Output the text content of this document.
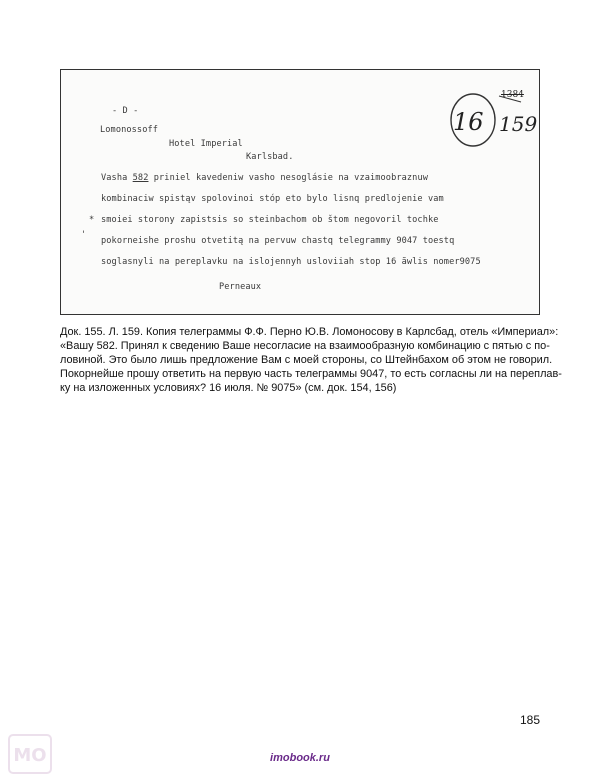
- D -
Lomonossoff
Hotel Imperial
Karlsbad.

Vasha 582 priniel kavedeniw vasho nesoglásie na vzaimoobraznuw

kombinaciw spistąv spolovinoi stóp eto bylo lisnq predlojenie vam

smoiei storony zapistsis so steinbachom ob štom negovoril tochke

pokorneishe proshu otvetitą na pervuw chastq telegrammy 9047 toestq

soglasnyli na pereplavku na islojennyh usloviiah stop 16 ãwlis nomer9075

*
'
Perneaux
16
1384
159
Док. 155. Л. 159. Копия телеграммы Ф.Ф. Перно Ю.В. Ломоносову в Карлсбад, отель «Империал»:
«Вашу 582. Принял к сведению Ваше несогласие на взаимообразную комбинацию с пятью с по-
ловиной. Это было лишь предложение Вам с моей стороны, со Штейнбахом об этом не говорил.
Покорнейше прошу ответить на первую часть телеграммы 9047, то есть согласны ли на переплав-
ку на изложенных условиях? 16 июля. № 9075» (см. док. 154, 156)
185
MO	imobook.ru
